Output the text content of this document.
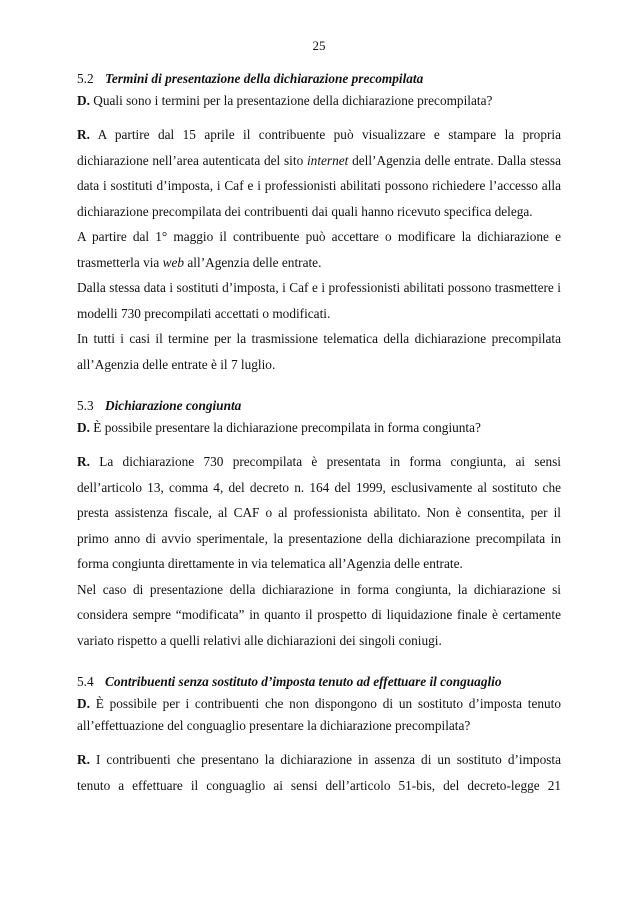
25

5.2 Termini di presentazione della dichiarazione precompilata

D. Quali sono i termini per la presentazione della dichiarazione precompilata?

R. A partire dal 15 aprile il contribuente può visualizzare e stampare la propria dichiarazione nell’area autenticata del sito internet dell’Agenzia delle entrate. Dalla stessa data i sostituti d’imposta, i Caf e i professionisti abilitati possono richiedere l’accesso alla dichiarazione precompilata dei contribuenti dai quali hanno ricevuto specifica delega.

A partire dal 1° maggio il contribuente può accettare o modificare la dichiarazione e trasmetterla via web all’Agenzia delle entrate.

Dalla stessa data i sostituti d’imposta, i Caf e i professionisti abilitati possono trasmettere i modelli 730 precompilati accettati o modificati.

In tutti i casi il termine per la trasmissione telematica della dichiarazione precompilata all’Agenzia delle entrate è il 7 luglio.

5.3 Dichiarazione congiunta

D. È possibile presentare la dichiarazione precompilata in forma congiunta?

R. La dichiarazione 730 precompilata è presentata in forma congiunta, ai sensi dell’articolo 13, comma 4, del decreto n. 164 del 1999, esclusivamente al sostituto che presta assistenza fiscale, al CAF o al professionista abilitato. Non è consentita, per il primo anno di avvio sperimentale, la presentazione della dichiarazione precompilata in forma congiunta direttamente in via telematica all’Agenzia delle entrate.

Nel caso di presentazione della dichiarazione in forma congiunta, la dichiarazione si considera sempre “modificata” in quanto il prospetto di liquidazione finale è certamente variato rispetto a quelli relativi alle dichiarazioni dei singoli coniugi.

5.4 Contribuenti senza sostituto d’imposta tenuto ad effettuare il conguaglio

D. È possibile per i contribuenti che non dispongono di un sostituto d’imposta tenuto all’effettuazione del conguaglio presentare la dichiarazione precompilata?

R. I contribuenti che presentano la dichiarazione in assenza di un sostituto d’imposta tenuto a effettuare il conguaglio ai sensi dell’articolo 51-bis, del decreto-legge 21
